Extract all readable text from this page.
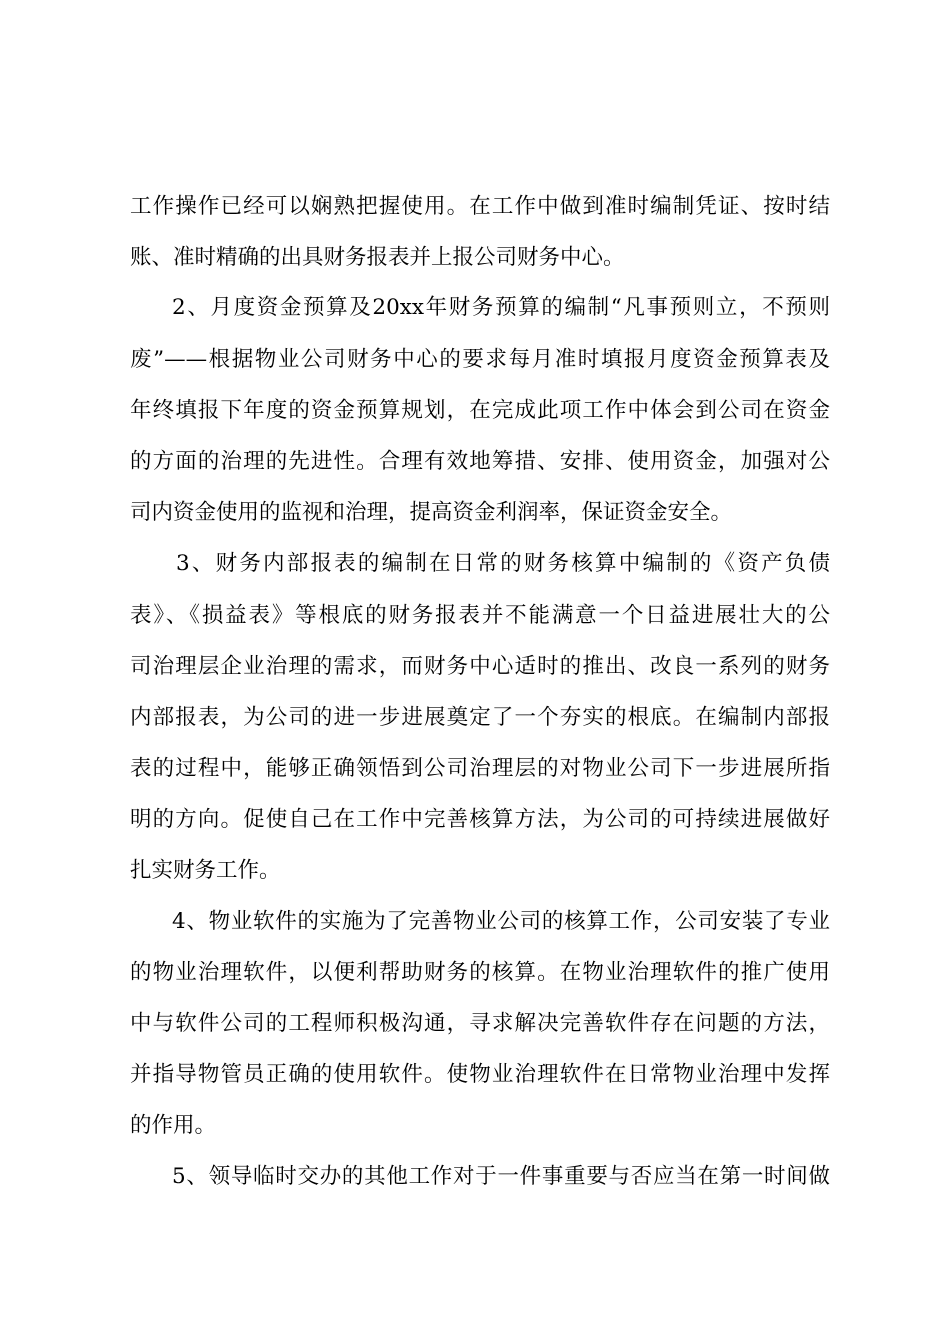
工作操作已经可以娴熟把握使用。在工作中做到准时编制凭证、按时结
账、准时精确的出具财务报表并上报公司财务中心。
2、月度资金预算及20xx年财务预算的编制“凡事预则立，不预则
废”——根据物业公司财务中心的要求每月准时填报月度资金预算表及
年终填报下年度的资金预算规划，在完成此项工作中体会到公司在资金
的方面的治理的先进性。合理有效地筹措、安排、使用资金，加强对公
司内资金使用的监视和治理，提高资金利润率，保证资金安全。
3、财务内部报表的编制在日常的财务核算中编制的《资产负债
表》、《损益表》等根底的财务报表并不能满意一个日益进展壮大的公
司治理层企业治理的需求，而财务中心适时的推出、改良一系列的财务
内部报表，为公司的进一步进展奠定了一个夯实的根底。在编制内部报
表的过程中，能够正确领悟到公司治理层的对物业公司下一步进展所指
明的方向。促使自己在工作中完善核算方法，为公司的可持续进展做好
扎实财务工作。
4、物业软件的实施为了完善物业公司的核算工作，公司安装了专业
的物业治理软件，以便利帮助财务的核算。在物业治理软件的推广使用
中与软件公司的工程师积极沟通，寻求解决完善软件存在问题的方法，
并指导物管员正确的使用软件。使物业治理软件在日常物业治理中发挥
的作用。
5、领导临时交办的其他工作对于一件事重要与否应当在第一时间做
